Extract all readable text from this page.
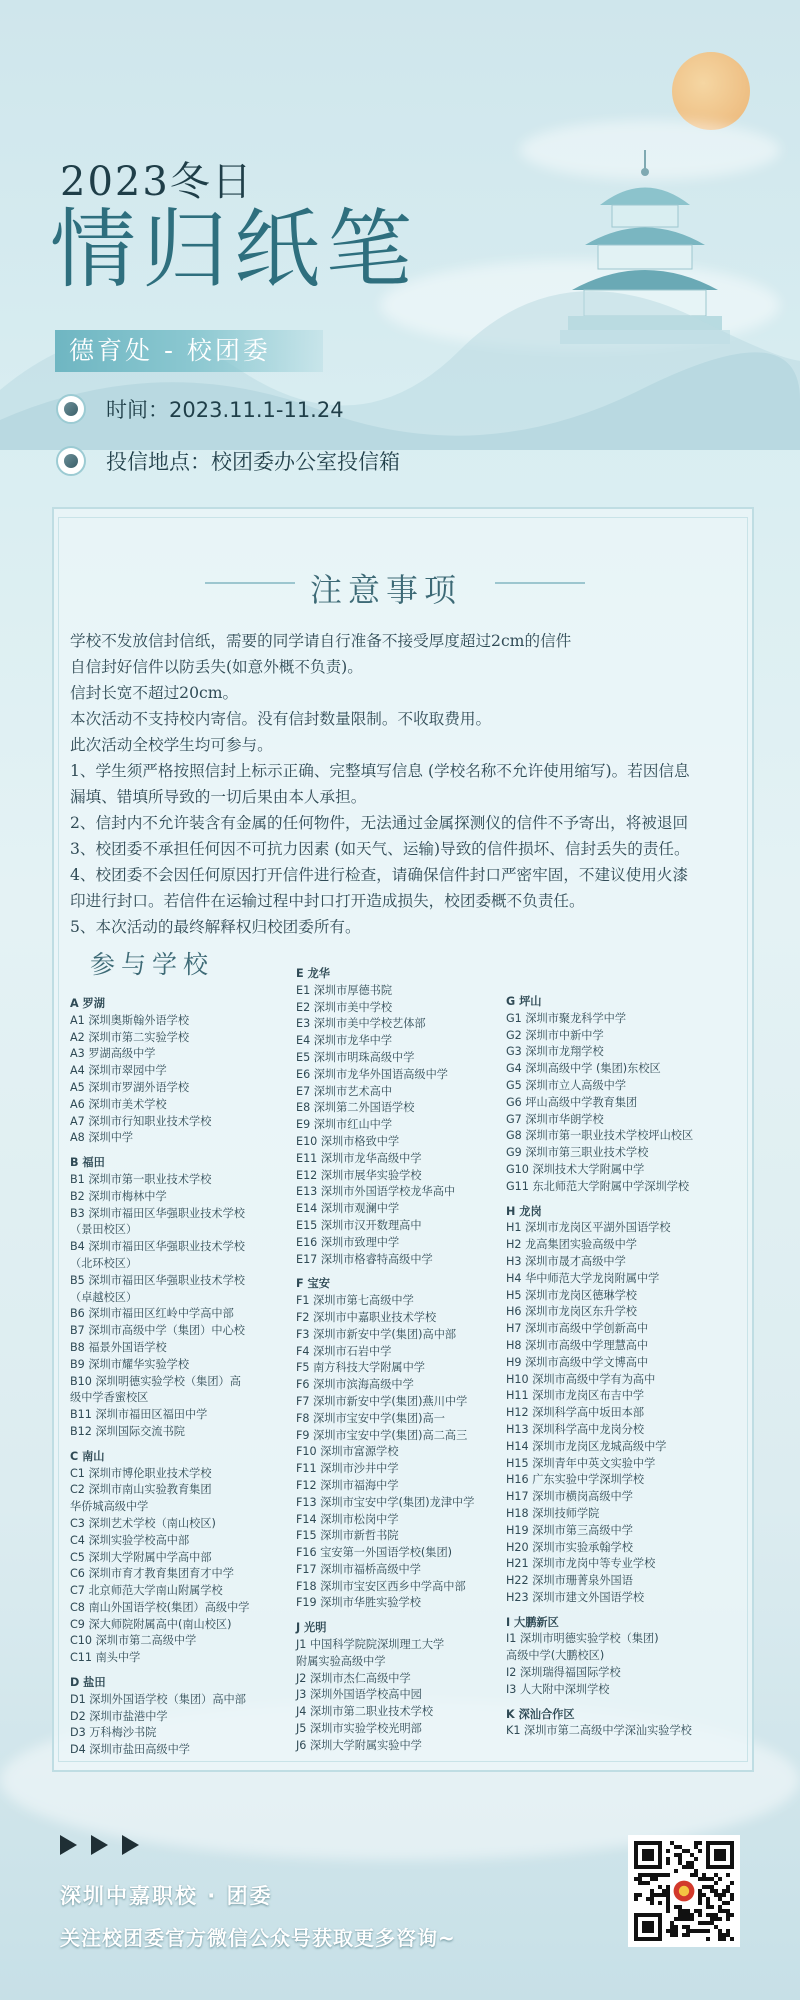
2023冬日
情归纸笔
德育处 - 校团委
时间：2023.11.1-11.24
投信地点：校团委办公室投信箱
注意事项

学校不发放信封信纸，需要的同学请自行准备不接受厚度超过2cm的信件

自信封好信件以防丢失(如意外概不负责)。

信封长宽不超过20cm。

本次活动不支持校内寄信。没有信封数量限制。不收取费用。

此次活动全校学生均可参与。

1、学生须严格按照信封上标示正确、完整填写信息 (学校名称不允许使用缩写)。若因信息

漏填、错填所导致的一切后果由本人承担。

2、信封内不允许装含有金属的任何物件，无法通过金属探测仪的信件不予寄出，将被退回

3、校团委不承担任何因不可抗力因素 (如天气、运输)导致的信件损坏、信封丢失的责任。

4、校团委不会因任何原因打开信件进行检查，请确保信件封口严密牢固，不建议使用火漆

印进行封口。若信件在运输过程中封口打开造成损失，校团委概不负责任。

5、本次活动的最终解释权归校团委所有。

参与学校
A 罗湖
A1 深圳奥斯翰外语学校
A2 深圳市第二实验学校
A3 罗湖高级中学
A4 深圳市翠园中学
A5 深圳市罗湖外语学校
A6 深圳市美术学校
A7 深圳市行知职业技术学校
A8 深圳中学
B 福田
B1 深圳市第一职业技术学校
B2 深圳市梅林中学
B3 深圳市福田区华强职业技术学校
（景田校区）
B4 深圳市福田区华强职业技术学校
（北环校区）
B5 深圳市福田区华强职业技术学校
（卓越校区）
B6 深圳市福田区红岭中学高中部
B7 深圳市高级中学（集团）中心校
B8 福景外国语学校
B9 深圳市耀华实验学校
B10 深圳明德实验学校（集团）高
级中学香蜜校区
B11 深圳市福田区福田中学
B12 深圳国际交流书院
C 南山
C1 深圳市博伦职业技术学校
C2 深圳市南山实验教育集团
华侨城高级中学
C3 深圳艺术学校（南山校区)
C4 深圳实验学校高中部
C5 深圳大学附属中学高中部
C6 深圳市育才教育集团育才中学
C7 北京师范大学南山附属学校
C8 南山外国语学校(集团）高级中学
C9 深大师院附属高中(南山校区)
C10 深圳市第二高级中学
C11 南头中学
D 盐田
D1 深圳外国语学校（集团）高中部
D2 深圳市盐港中学
D3 万科梅沙书院
D4 深圳市盐田高级中学
E 龙华
E1 深圳市厚德书院
E2 深圳市美中学校
E3 深圳市美中学校艺体部
E4 深圳市龙华中学
E5 深圳市明珠高级中学
E6 深圳市龙华外国语高级中学
E7 深圳市艺术高中
E8 深圳第二外国语学校
E9 深圳市红山中学
E10 深圳市格致中学
E11 深圳市龙华高级中学
E12 深圳市展华实验学校
E13 深圳市外国语学校龙华高中
E14 深圳市观澜中学
E15 深圳市汉开数理高中
E16 深圳市致理中学
E17 深圳市格睿特高级中学
F 宝安
F1 深圳市第七高级中学
F2 深圳市中嘉职业技术学校
F3 深圳市新安中学(集团)高中部
F4 深圳市石岩中学
F5 南方科技大学附属中学
F6 深圳市滨海高级中学
F7 深圳市新安中学(集团)燕川中学
F8 深圳市宝安中学(集团)高一
F9 深圳市宝安中学(集团)高二高三
F10 深圳市富源学校
F11 深圳市沙井中学
F12 深圳市福海中学
F13 深圳市宝安中学(集团)龙津中学
F14 深圳市松岗中学
F15 深圳市新哲书院
F16 宝安第一外国语学校(集团)
F17 深圳市福桥高级中学
F18 深圳市宝安区西乡中学高中部
F19 深圳市华胜实验学校
J 光明
J1 中国科学院院深圳理工大学
附属实验高级中学
J2 深圳市杰仁高级中学
J3 深圳外国语学校高中园
J4 深圳市第二职业技术学校
J5 深圳市实验学校光明部
J6 深圳大学附属实验中学
G 坪山
G1 深圳市聚龙科学中学
G2 深圳市中新中学
G3 深圳市龙翔学校
G4 深圳高级中学 (集团)东校区
G5 深圳市立人高级中学
G6 坪山高级中学教育集团
G7 深圳市华朗学校
G8 深圳市第一职业技术学校坪山校区
G9 深圳市第三职业技术学校
G10 深圳技术大学附属中学
G11 东北师范大学附属中学深圳学校
H 龙岗
H1 深圳市龙岗区平湖外国语学校
H2 龙高集团实验高级中学
H3 深圳市晟才高级中学
H4 华中师范大学龙岗附属中学
H5 深圳市龙岗区德琳学校
H6 深圳市龙岗区东升学校
H7 深圳市高级中学创新高中
H8 深圳市高级中学理慧高中
H9 深圳市高级中学文博高中
H10 深圳市高级中学有为高中
H11 深圳市龙岗区布吉中学
H12 深圳科学高中坂田本部
H13 深圳科学高中龙岗分校
H14 深圳市龙岗区龙城高级中学
H15 深圳青年中英文实验中学
H16 广东实验中学深圳学校
H17 深圳市横岗高级中学
H18 深圳技师学院
H19 深圳市第三高级中学
H20 深圳市实验承翰学校
H21 深圳市龙岗中等专业学校
H22 深圳市珊菁泉外国语
H23 深圳市建文外国语学校
I 大鹏新区
I1 深圳市明德实验学校（集团)
高级中学(大鹏校区)
I2 深圳瑞得福国际学校
I3 人大附中深圳学校
K 深汕合作区
K1 深圳市第二高级中学深汕实验学校
深圳中嘉职校 · 团委
关注校团委官方微信公众号获取更多咨询~
